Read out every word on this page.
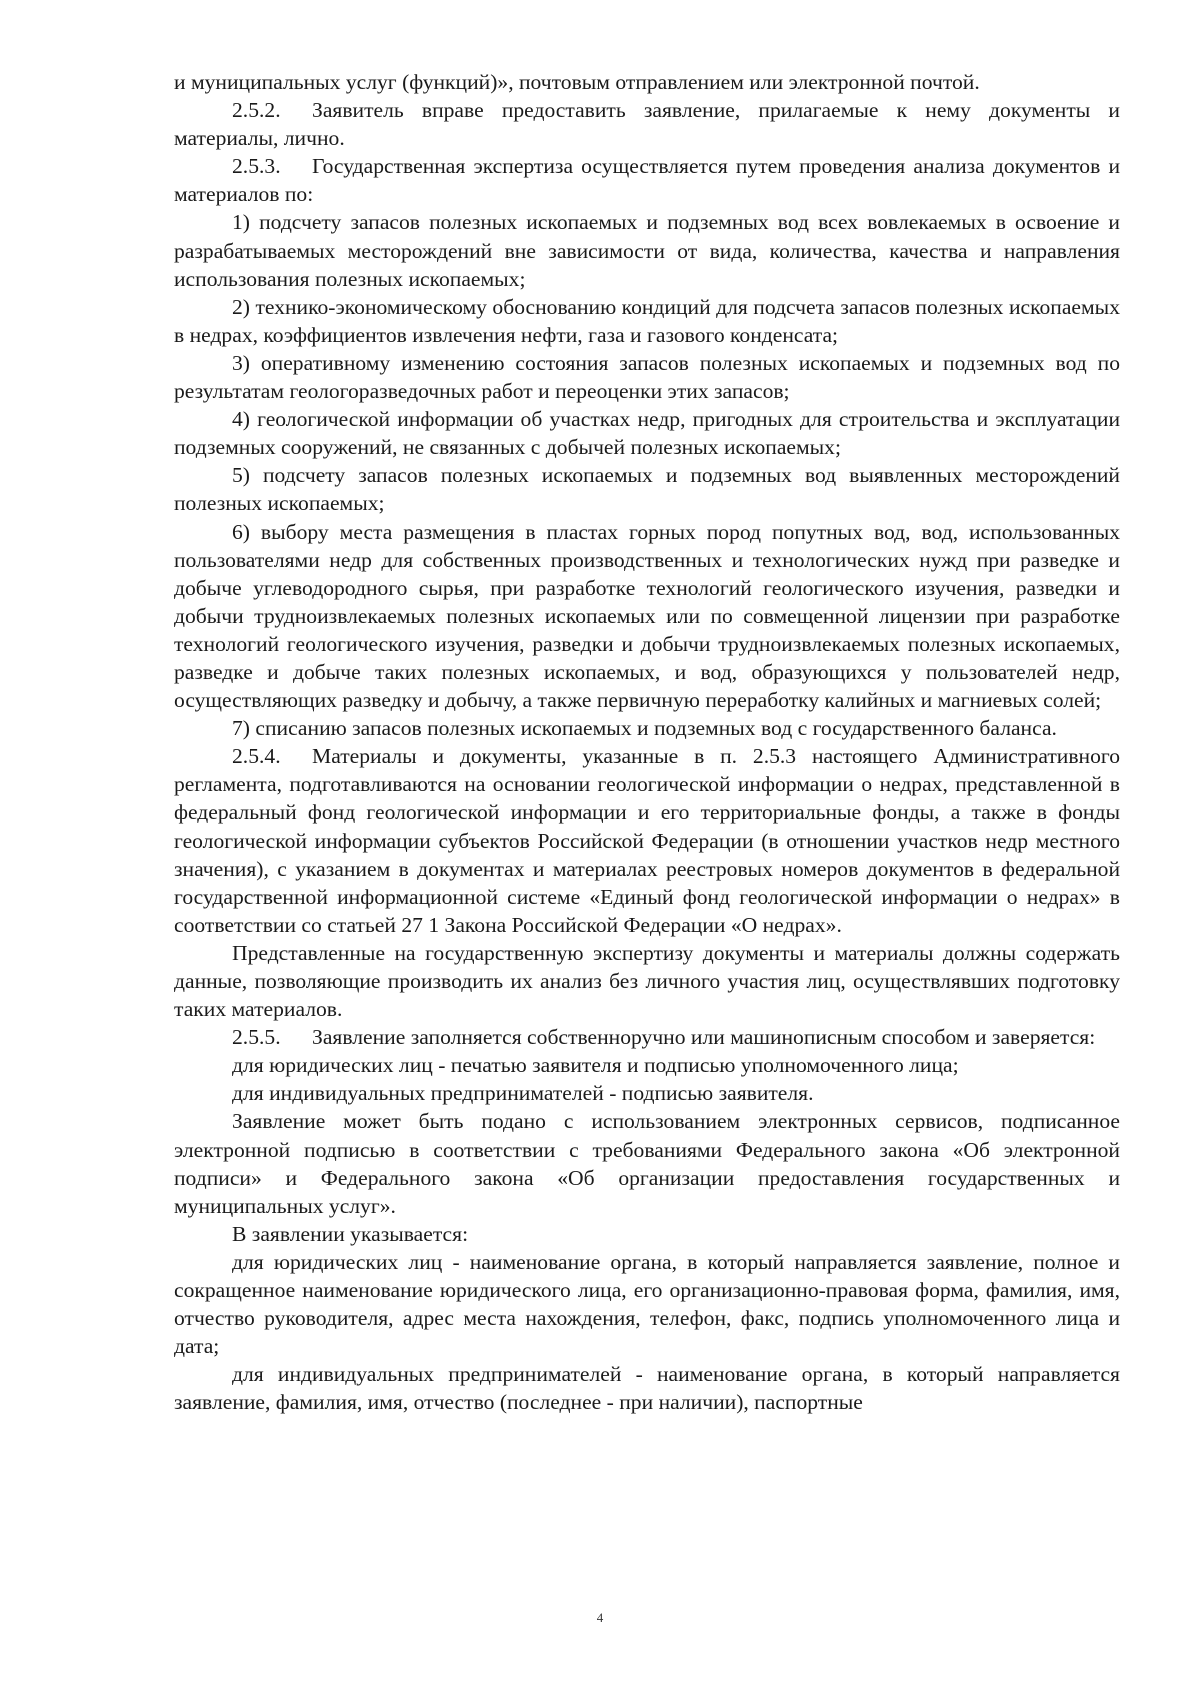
и муниципальных услуг (функций)», почтовым отправлением или электронной почтой.

2.5.2. Заявитель вправе предоставить заявление, прилагаемые к нему документы и материалы, лично.

2.5.3. Государственная экспертиза осуществляется путем проведения анализа документов и материалов по:

1) подсчету запасов полезных ископаемых и подземных вод всех вовлекаемых в освоение и разрабатываемых месторождений вне зависимости от вида, количества, качества и направления использования полезных ископаемых;

2) технико-экономическому обоснованию кондиций для подсчета запасов полезных ископаемых в недрах, коэффициентов извлечения нефти, газа и газового конденсата;

3) оперативному изменению состояния запасов полезных ископаемых и подземных вод по результатам геологоразведочных работ и переоценки этих запасов;

4) геологической информации об участках недр, пригодных для строительства и эксплуатации подземных сооружений, не связанных с добычей полезных ископаемых;

5) подсчету запасов полезных ископаемых и подземных вод выявленных месторождений полезных ископаемых;

6) выбору места размещения в пластах горных пород попутных вод, вод, использованных пользователями недр для собственных производственных и технологических нужд при разведке и добыче углеводородного сырья, при разработке технологий геологического изучения, разведки и добычи трудноизвлекаемых полезных ископаемых или по совмещенной лицензии при разработке технологий геологического изучения, разведки и добычи трудноизвлекаемых полезных ископаемых, разведке и добыче таких полезных ископаемых, и вод, образующихся у пользователей недр, осуществляющих разведку и добычу, а также первичную переработку калийных и магниевых солей;

7) списанию запасов полезных ископаемых и подземных вод с государственного баланса.

2.5.4. Материалы и документы, указанные в п. 2.5.3 настоящего Административного регламента, подготавливаются на основании геологической информации о недрах, представленной в федеральный фонд геологической информации и его территориальные фонды, а также в фонды геологической информации субъектов Российской Федерации (в отношении участков недр местного значения), с указанием в документах и материалах реестровых номеров документов в федеральной государственной информационной системе «Единый фонд геологической информации о недрах» в соответствии со статьей 27 1 Закона Российской Федерации «О недрах».

Представленные на государственную экспертизу документы и материалы должны содержать данные, позволяющие производить их анализ без личного участия лиц, осуществлявших подготовку таких материалов.

2.5.5. Заявление заполняется собственноручно или машинописным способом и заверяется:

для юридических лиц - печатью заявителя и подписью уполномоченного лица;

для индивидуальных предпринимателей - подписью заявителя.

Заявление может быть подано с использованием электронных сервисов, подписанное электронной подписью в соответствии с требованиями Федерального закона «Об электронной подписи» и Федерального закона «Об организации предоставления государственных и муниципальных услуг».

В заявлении указывается:

для юридических лиц - наименование органа, в который направляется заявление, полное и сокращенное наименование юридического лица, его организационно-правовая форма, фамилия, имя, отчество руководителя, адрес места нахождения, телефон, факс, подпись уполномоченного лица и дата;

для индивидуальных предпринимателей - наименование органа, в который направляется заявление, фамилия, имя, отчество (последнее - при наличии), паспортные

4
